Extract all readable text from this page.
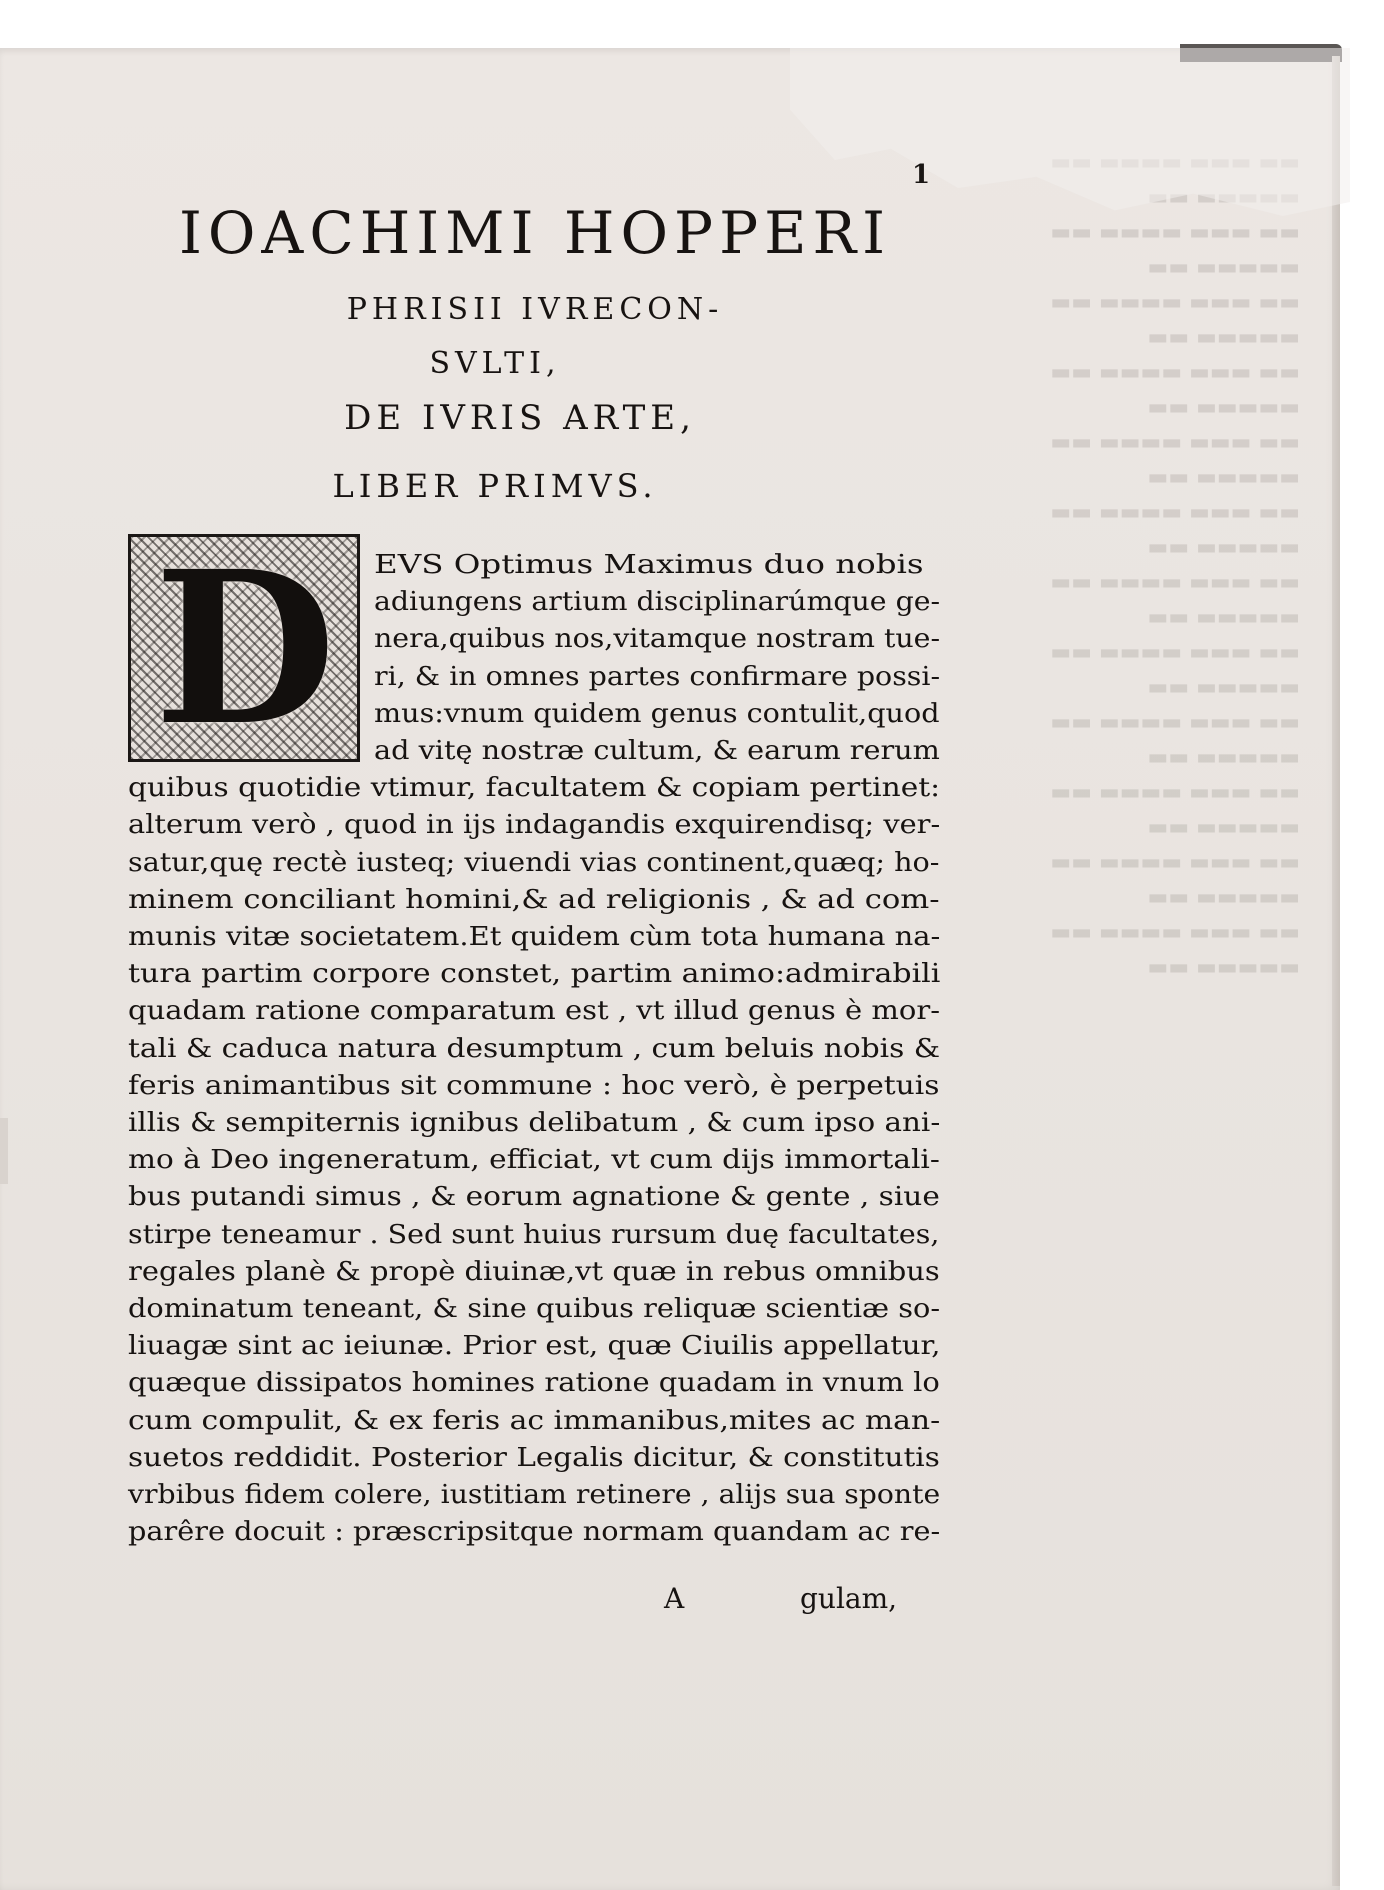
▬▬ ▬▬▬ ▬▬▬▬ ▬▬ ▬▬▬▬▬ ▬▬
▬▬ ▬▬▬ ▬▬▬▬ ▬▬ ▬▬▬▬▬ ▬▬
▬▬ ▬▬▬ ▬▬▬▬ ▬▬ ▬▬▬▬▬ ▬▬
▬▬ ▬▬▬ ▬▬▬▬ ▬▬ ▬▬▬▬▬ ▬▬
▬▬ ▬▬▬ ▬▬▬▬ ▬▬ ▬▬▬▬▬ ▬▬
▬▬ ▬▬▬ ▬▬▬▬ ▬▬ ▬▬▬▬▬ ▬▬
▬▬ ▬▬▬ ▬▬▬▬ ▬▬ ▬▬▬▬▬ ▬▬
▬▬ ▬▬▬ ▬▬▬▬ ▬▬ ▬▬▬▬▬ ▬▬
▬▬ ▬▬▬ ▬▬▬▬ ▬▬ ▬▬▬▬▬ ▬▬
▬▬ ▬▬▬ ▬▬▬▬ ▬▬ ▬▬▬▬▬ ▬▬
▬▬ ▬▬▬ ▬▬▬▬ ▬▬ ▬▬▬▬▬ ▬▬
1

IOACHIMI HOPPERI

PHRISII IVRECON-

SVLTI,

DE IVRIS ARTE,

LIBER PRIMVS.

D	EVS Optimus Maximus duo nobis

adiungens artium disciplinarúmque ge-

nera,quibus nos,vitamque nostram tue-

ri, & in omnes partes confirmare possi-

mus:vnum quidem genus contulit,quod

ad vitę nostræ cultum, & earum rerum

quibus quotidie vtimur, facultatem & copiam pertinet:

alterum verò , quod in ijs indagandis exquirendisq; ver-

satur,quę rectè iusteq; viuendi vias continent,quæq; ho-

minem conciliant homini,& ad religionis , & ad com-

munis vitæ societatem.Et quidem cùm tota humana na-

tura partim corpore constet, partim animo:admirabili

quadam ratione comparatum est , vt illud genus è mor-

tali & caduca natura desumptum , cum beluis nobis &

feris animantibus sit commune : hoc verò, è perpetuis

illis & sempiternis ignibus delibatum , & cum ipso ani-

mo à Deo ingeneratum, efficiat, vt cum dijs immortali-

bus putandi simus , & eorum agnatione & gente , siue

stirpe teneamur . Sed sunt huius rursum duę facultates,

regales planè & propè diuinæ,vt quæ in rebus omnibus

dominatum teneant, & sine quibus reliquæ scientiæ so-

liuagæ sint ac ieiunæ. Prior est, quæ Ciuilis appellatur,

quæque dissipatos homines ratione quadam in vnum lo

cum compulit, & ex feris ac immanibus,mites ac man-

suetos reddidit. Posterior Legalis dicitur, & constitutis

vrbibus fidem colere, iustitiam retinere , alijs sua sponte

parêre docuit : præscripsitque normam quandam ac re-

A	gulam,
